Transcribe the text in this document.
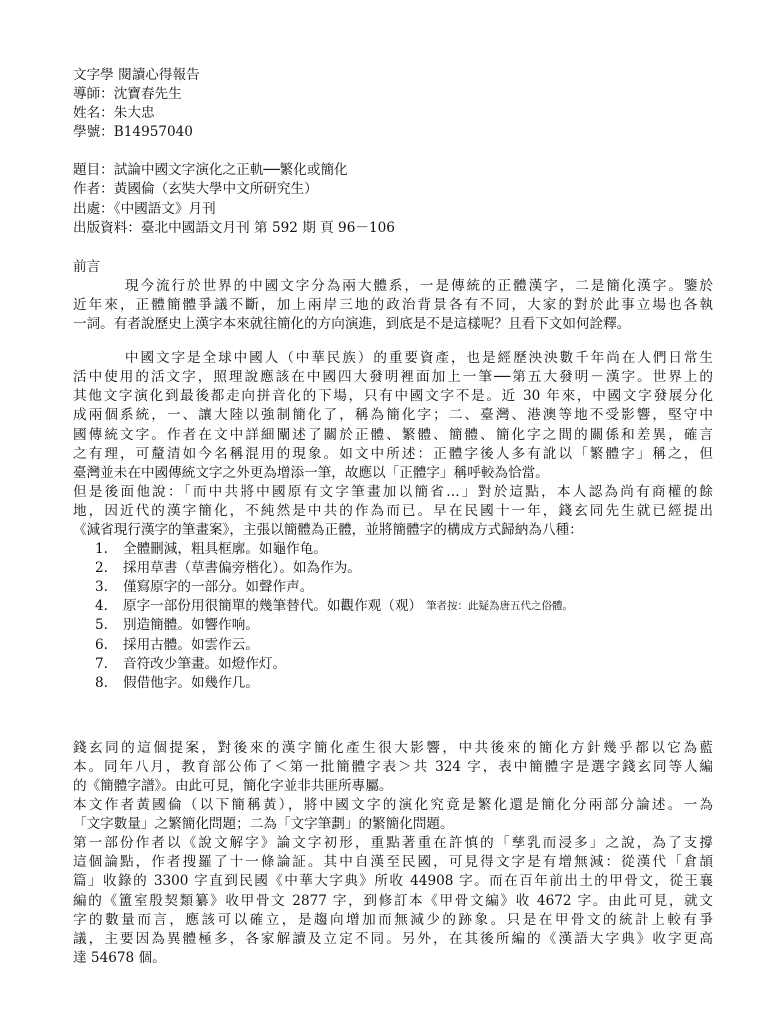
文字學 閱讀心得報告
導師：沈寶春先生
姓名：朱大忠
學號：B14957040
題目：試論中國文字演化之正軌──繁化或簡化
作者：黃國倫（玄奘大學中文所研究生）
出處：《中國語文》月刊
出版資料：臺北中國語文月刊 第 592 期 頁 96－106
前言
現今流行於世界的中國文字分為兩大體系，一是傳統的正體漢字，二是簡化漢字。鑒於
近年來，正體簡體爭議不斷，加上兩岸三地的政治背景各有不同，大家的對於此事立場也各執
一詞。有者說歷史上漢字本來就往簡化的方向演進，到底是不是這樣呢？且看下文如何詮釋。
中國文字是全球中國人（中華民族）的重要資產，也是經歷泱泱數千年尚在人們日常生
活中使用的活文字，照理說應該在中國四大發明裡面加上一筆──第五大發明－漢字。世界上的
其他文字演化到最後都走向拼音化的下場，只有中國文字不是。近 30 年來，中國文字發展分化
成兩個系統，一、讓大陸以強制簡化了，稱為簡化字；二、臺灣、港澳等地不受影響，堅守中
國傳統文字。作者在文中詳細闡述了關於正體、繁體、簡體、簡化字之間的關係和差異，確言
之有理，可釐清如今名稱混用的現象。如文中所述：正體字後人多有訛以「繁體字」稱之，但
臺灣並未在中國傳統文字之外更為增添一筆，故應以「正體字」稱呼較為恰當。
但是後面他說：「而中共將中國原有文字筆畫加以簡省…」對於這點，本人認為尚有商權的餘
地，因近代的漢字簡化，不純然是中共的作為而已。早在民國十一年，錢玄同先生就已經提出
《減省現行漢字的筆畫案》，主張以簡體為正體，並將簡體字的構成方式歸納為八種：
1.	全體刪減，粗具框廓。如龜作龟。
2.	採用草書（草書偏旁楷化）。如為作为。
3.	僅寫原字的一部分。如聲作声。
4.	原字一部份用很簡單的幾筆替代。如觀作观（观） 筆者按：此疑為唐五代之俗體。
5.	別造簡體。如響作响。
6.	採用古體。如雲作云。
7.	音符改少筆畫。如燈作灯。
8.	假借他字。如幾作几。
錢玄同的這個提案，對後來的漢字簡化產生很大影響，中共後來的簡化方針幾乎都以它為藍
本。同年八月，教育部公佈了＜第一批簡體字表＞共 324 字，表中簡體字是選字錢玄同等人編
的《簡體字譜》。由此可見，簡化字並非共匪所專屬。
本文作者黃國倫（以下簡稱黃），將中國文字的演化究竟是繁化還是簡化分兩部分論述。一為
「文字數量」之繁簡化問題；二為「文字筆劃」的繁簡化問題。
第一部份作者以《說文解字》論文字初形，重點著重在許慎的「孳乳而浸多」之說，為了支撐
這個論點，作者搜羅了十一條論証。其中自漢至民國，可見得文字是有增無減：從漢代「倉頡
篇」收錄的 3300 字直到民國《中華大字典》所收 44908 字。而在百年前出土的甲骨文，從王襄
編的《簠室殷契類纂》收甲骨文 2877 字，到修訂本《甲骨文編》收 4672 字。由此可見，就文
字的數量而言，應該可以確立，是趨向增加而無減少的跡象。只是在甲骨文的統計上較有爭
議，主要因為異體極多，各家解讀及立定不同。另外，在其後所編的《漢語大字典》收字更高
達 54678 個。
